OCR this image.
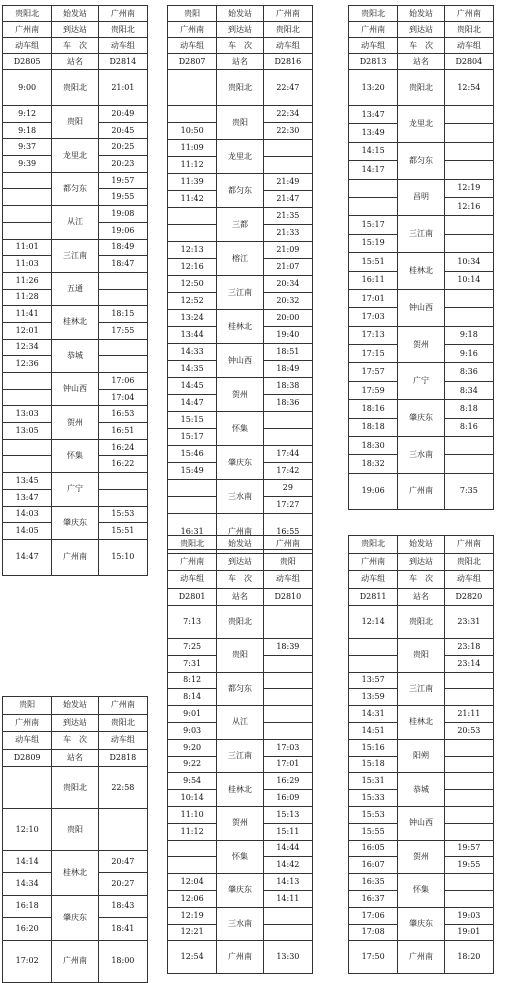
贵阳北	始发站	广州南
广州南	到达站	贵阳北
动车组	车　次	动车组
D2805	站名	D2814
9:00	贵阳北	21:01
9:12	贵阳	20:49
9:18		20:45
9:37	龙里北	20:25
9:39		20:23
	都匀东	19:57
		19:55
	从江	19:08
		19:06
11:01	三江南	18:49
11:03		18:47
11:26	五通	
11:28		
11:41	桂林北	18:15
12:01		17:55
12:34	恭城	
12:36		
	钟山西	17:06
		17:04
13:03	贺州	16:53
13:05		16:51
	怀集	16:24
		16:22
13:45	广宁	
13:47		
14:03	肇庆东	15:53
14:05		15:51
14:47	广州南	15:10
贵阳	始发站	广州南
广州南	到达站	贵阳北
动车组	车　次	动车组
D2807	站名	D2816
	贵阳北	22:47
	贵阳	22:34
10:50		22:30
11:09	龙里北	
11:12		
11:39	都匀东	21:49
11:42		21:47
	三都	21:35
		21:33
12:13	榕江	21:09
12:16		21:07
12:50	三江南	20:34
12:52		20:32
13:24	桂林北	20:00
13:44		19:40
14:33	钟山西	18:51
14:35		18:49
14:45	贺州	18:38
14:47		18:36
15:15	怀集	
15:17		
15:46	肇庆东	17:44
15:49		17:42
	三水南	29
		17:27
16:31	广州南	16:55
贵阳北	始发站	广州南
广州南	到达站	贵阳北
动车组	车　次	动车组
D2813	站名	D2804
13:20	贵阳北	12:54
13:47	龙里北	
13:49		
14:15	都匀东	
14:17		
	昌明	12:19
		12:16
15:17	三江南	
15:19		
15:51	桂林北	10:34
16:11		10:14
17:01	钟山西	
17:03		
17:13	贺州	9:18
17:15		9:16
17:57	广宁	8:36
17:59		8:34
18:16	肇庆东	8:18
18:18		8:16
18:30	三水南	
18:32		
19:06	广州南	7:35
贵阳北	始发站	广州南
广州南	到达站	贵阳
动车组	车　次	动车组
D2801	站名	D2810
7:13	贵阳北	
7:25	贵阳	18:39
7:31		
8:12	都匀东	
8:14		
9:01	从江	
9:03		
9:20	三江南	17:03
9:22		17:01
9:54	桂林北	16:29
10:14		16:09
11:10	贺州	15:13
11:12		15:11
	怀集	14:44
		14:42
12:04	肇庆东	14:13
12:06		14:11
12:19	三水南	
12:21		
12:54	广州南	13:30
贵阳北	始发站	广州南
广州南	到达站	贵阳北
动车组	车　次	动车组
D2811	站名	D2820
12:14	贵阳北	23:31
	贵阳	23:18
		23:14
13:57	三江南	
13:59		
14:31	桂林北	21:11
14:51		20:53
15:16	阳朔	
15:18		
15:31	恭城	
15:33		
15:53	钟山西	
15:55		
16:05	贺州	19:57
16:07		19:55
16:35	怀集	
16:37		
17:06	肇庆东	19:03
17:08		19:01
17:50	广州南	18:20
贵阳	始发站	广州南
广州南	到达站	贵阳北
动车组	车　次	动车组
D2809	站名	D2818
	贵阳北	22:58
12:10	贵阳	
14:14	桂林北	20:47
14:34		20:27
16:18	肇庆东	18:43
16:20		18:41
17:02	广州南	18:00
